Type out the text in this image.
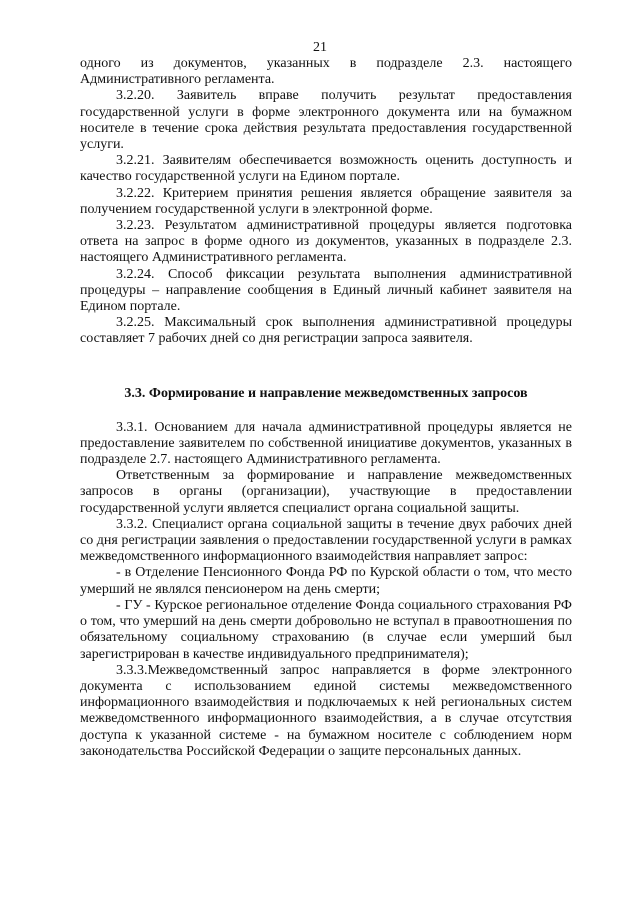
21

одного из документов, указанных в подразделе 2.3. настоящего Административного регламента.

3.2.20. Заявитель вправе получить результат предоставления государственной услуги в форме электронного документа или на бумажном носителе в течение срока действия результата предоставления государственной услуги.

3.2.21. Заявителям обеспечивается возможность оценить доступность и качество государственной услуги на Едином портале.

3.2.22. Критерием принятия решения является обращение заявителя за получением государственной услуги в электронной форме.

3.2.23. Результатом административной процедуры является подготовка ответа на запрос в форме одного из документов, указанных в подразделе 2.3. настоящего Административного регламента.

3.2.24. Способ фиксации результата выполнения административной процедуры – направление сообщения в Единый личный кабинет заявителя на Едином портале.

3.2.25. Максимальный срок выполнения административной процедуры составляет 7 рабочих дней со дня регистрации запроса заявителя.

3.3. Формирование и направление межведомственных запросов

3.3.1. Основанием для начала административной процедуры является не предоставление заявителем по собственной инициативе документов, указанных в подразделе 2.7. настоящего Административного регламента.

Ответственным за формирование и направление межведомственных запросов в органы (организации), участвующие в предоставлении государственной услуги является специалист органа социальной защиты.

3.3.2. Специалист органа социальной защиты в течение двух рабочих дней со дня регистрации заявления о предоставлении государственной услуги в рамках межведомственного информационного взаимодействия направляет запрос:

- в Отделение Пенсионного Фонда РФ по Курской области о том, что место умерший не являлся пенсионером на день смерти;

- ГУ - Курское региональное отделение Фонда социального страхования РФ о том, что умерший на день смерти добровольно не вступал в правоотношения по обязательному социальному страхованию (в случае если умерший был зарегистрирован в качестве индивидуального предпринимателя);

3.3.3.Межведомственный запрос направляется в форме электронного документа с использованием единой системы межведомственного информационного взаимодействия и подключаемых к ней региональных систем межведомственного информационного взаимодействия, а в случае отсутствия доступа к указанной системе - на бумажном носителе с соблюдением норм законодательства Российской Федерации о защите персональных данных.
